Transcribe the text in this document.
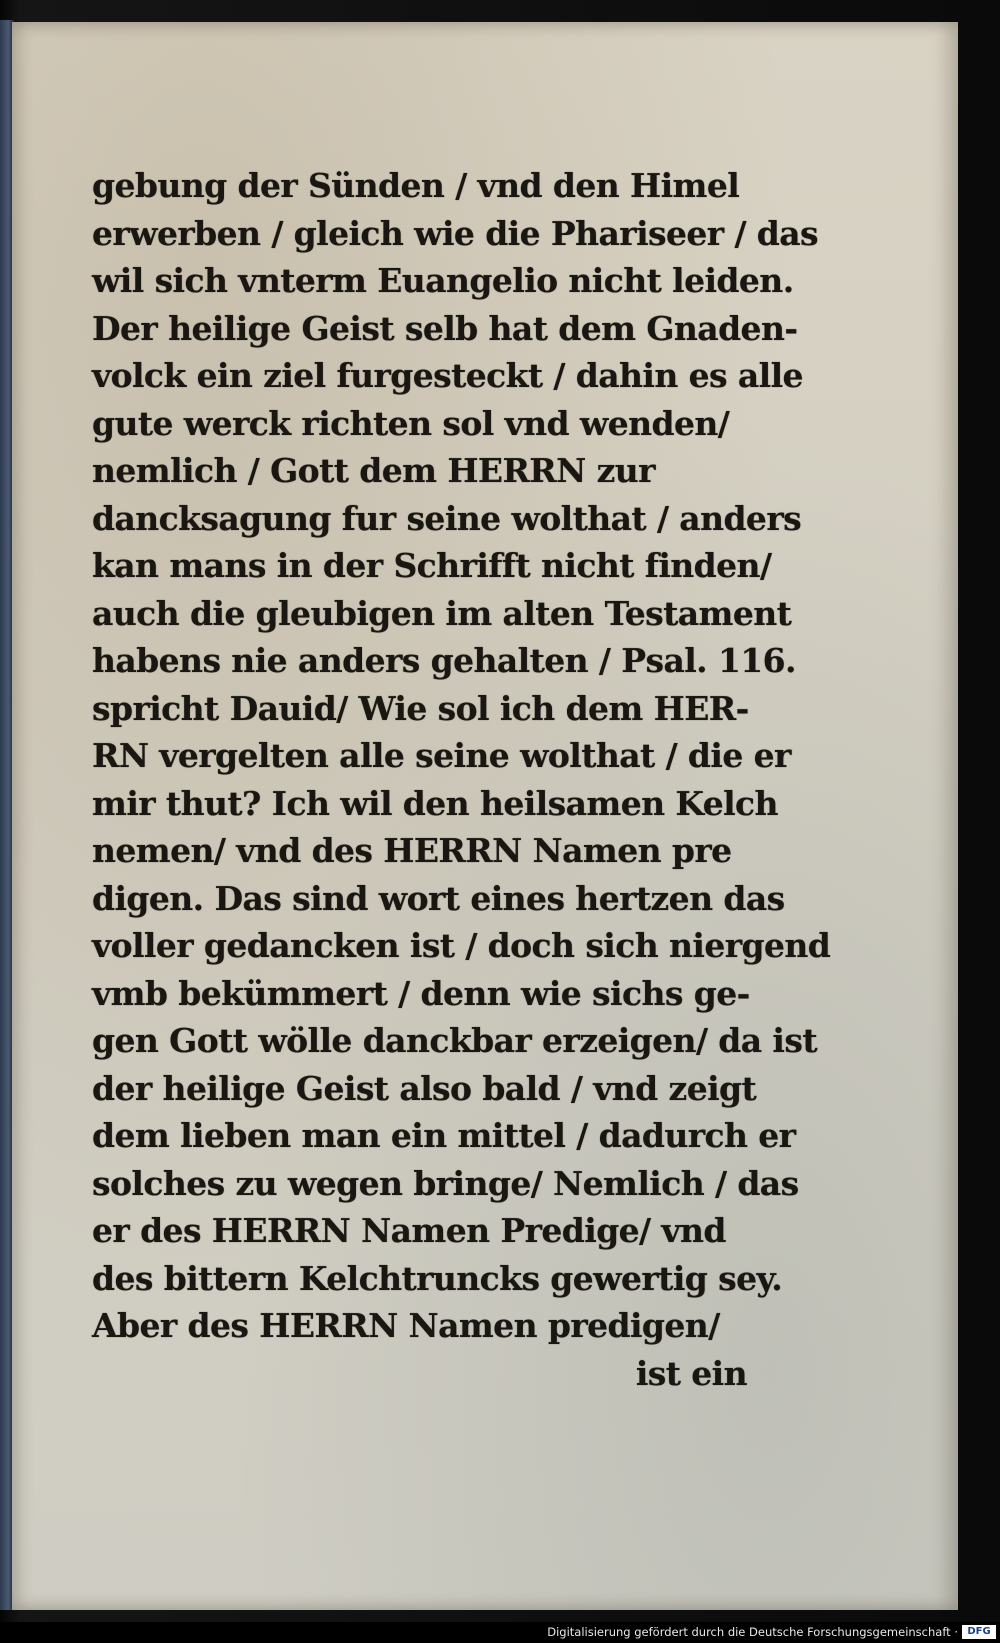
gebung der Sünden / vnd den Himel
erwerben / gleich wie die Phariseer / das
wil sich vnterm Euangelio nicht leiden.
Der heilige Geist selb hat dem Gnaden-
volck ein ziel furgesteckt / dahin es alle
gute werck richten sol vnd wenden/
nemlich / Gott dem HERRN zur
dancksagung fur seine wolthat / anders
kan mans in der Schrifft nicht finden/
auch die gleubigen im alten Testament
habens nie anders gehalten / Psal. 116.
spricht Dauid/ Wie sol ich dem HER-
RN vergelten alle seine wolthat / die er
mir thut? Ich wil den heilsamen Kelch
nemen/ vnd des HERRN Namen pre
digen. Das sind wort eines hertzen das
voller gedancken ist / doch sich niergend
vmb bekümmert / denn wie sichs ge-
gen Gott wölle danckbar erzeigen/ da ist
der heilige Geist also bald / vnd zeigt
dem lieben man ein mittel / dadurch er
solches zu wegen bringe/ Nemlich / das
er des HERRN Namen Predige/ vnd
des bittern Kelchtruncks gewertig sey.
Aber des HERRN Namen predigen/
ist ein
Digitalisierung gefördert durch die Deutsche Forschungsgemeinschaft · DFG
